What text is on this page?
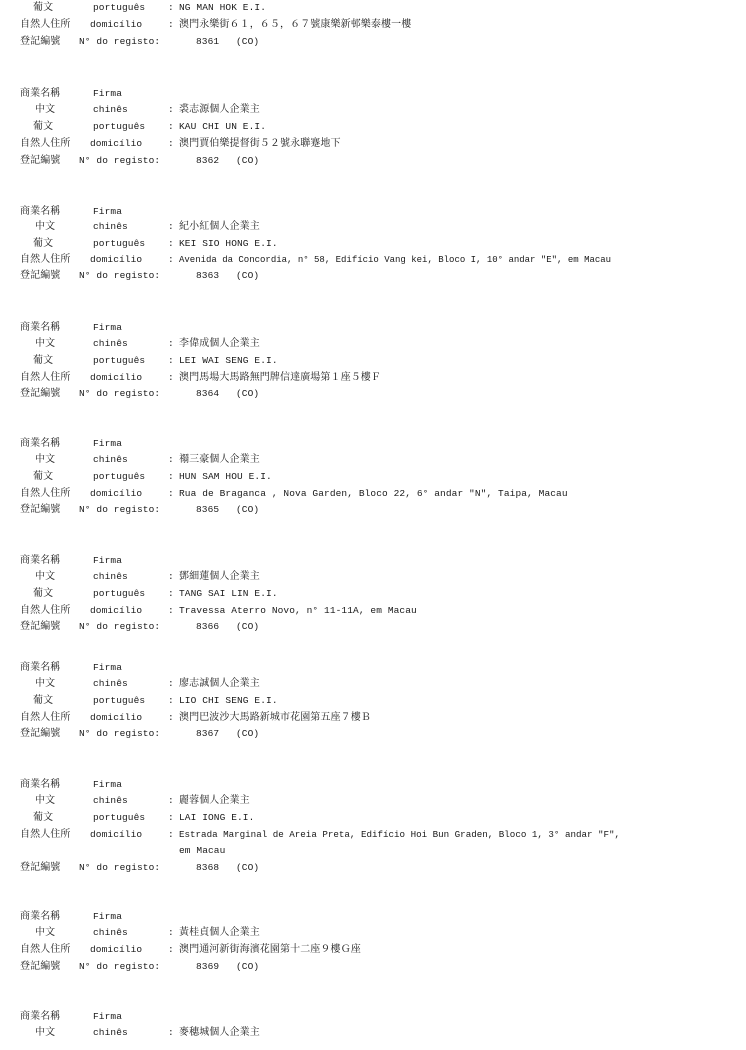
葡文	português : NG MAN HOK E.I.
自然人住所 domicílio	: 澳門永樂街６１，６５，６７號康樂新邨樂泰樓一樓
登記編號 N° do registo:	8361 (CO)
商業名稱	Firma
中文	chinês	: 裘志源個人企業主
葡文	português : KAU CHI UN E.I.
自然人住所 domicílio	: 澳門賈伯樂提督街５２號永聯蹇地下
登記編號 N° do registo:	8362 (CO)
商業名稱	Firma
中文	chinês	: 紀小紅個人企業主
葡文	português : KEI SIO HONG E.I.
自然人住所 domicílio	: Avenida da Concordia, n° 58, Edifício Vang kei, Bloco I, 10° andar "E", em Macau
登記編號 N° do registo:	8363 (CO)
商業名稱	Firma
中文	chinês	: 李偉成個人企業主
葡文	português : LEI WAI SENG E.I.
自然人住所 domicílio	: 澳門馬場大馬路無門牌信達廣場第１座５樓Ｆ
登記編號 N° do registo:	8364 (CO)
商業名稱	Firma
中文	chinês	: 禤三豪個人企業主
葡文	português : HUN SAM HOU E.I.
自然人住所 domicílio	: Rua de Braganca , Nova Garden, Bloco 22, 6° andar "N", Taipa, Macau
登記編號 N° do registo:	8365 (CO)
商業名稱	Firma
中文	chinês	: 鄧細蓮個人企業主
葡文	português : TANG SAI LIN E.I.
自然人住所 domicílio	: Travessa Aterro Novo, n° 11-11A, em Macau
登記編號 N° do registo:	8366 (CO)
商業名稱	Firma
中文	chinês	: 廖志誠個人企業主
葡文	português : LIO CHI SENG E.I.
自然人住所 domicílio	: 澳門巴波沙大馬路新城市花園第五座７樓Ｂ
登記編號 N° do registo:	8367 (CO)
商業名稱	Firma
中文	chinês	: 麗蓉個人企業主
葡文	português : LAI IONG E.I.
自然人住所 domicílio	: Estrada Marginal de Areia Preta, Edifício Hoi Bun Graden, Bloco 1, 3° andar "F",
em Macau
登記編號 N° do registo:	8368 (CO)
商業名稱	Firma
中文	chinês	: 黃桂貞個人企業主
自然人住所 domicílio	: 澳門通河新街海濱花園第十二座９樓Ｇ座
登記編號 N° do registo:	8369 (CO)
商業名稱	Firma
中文	chinês	: 麥穗城個人企業主
